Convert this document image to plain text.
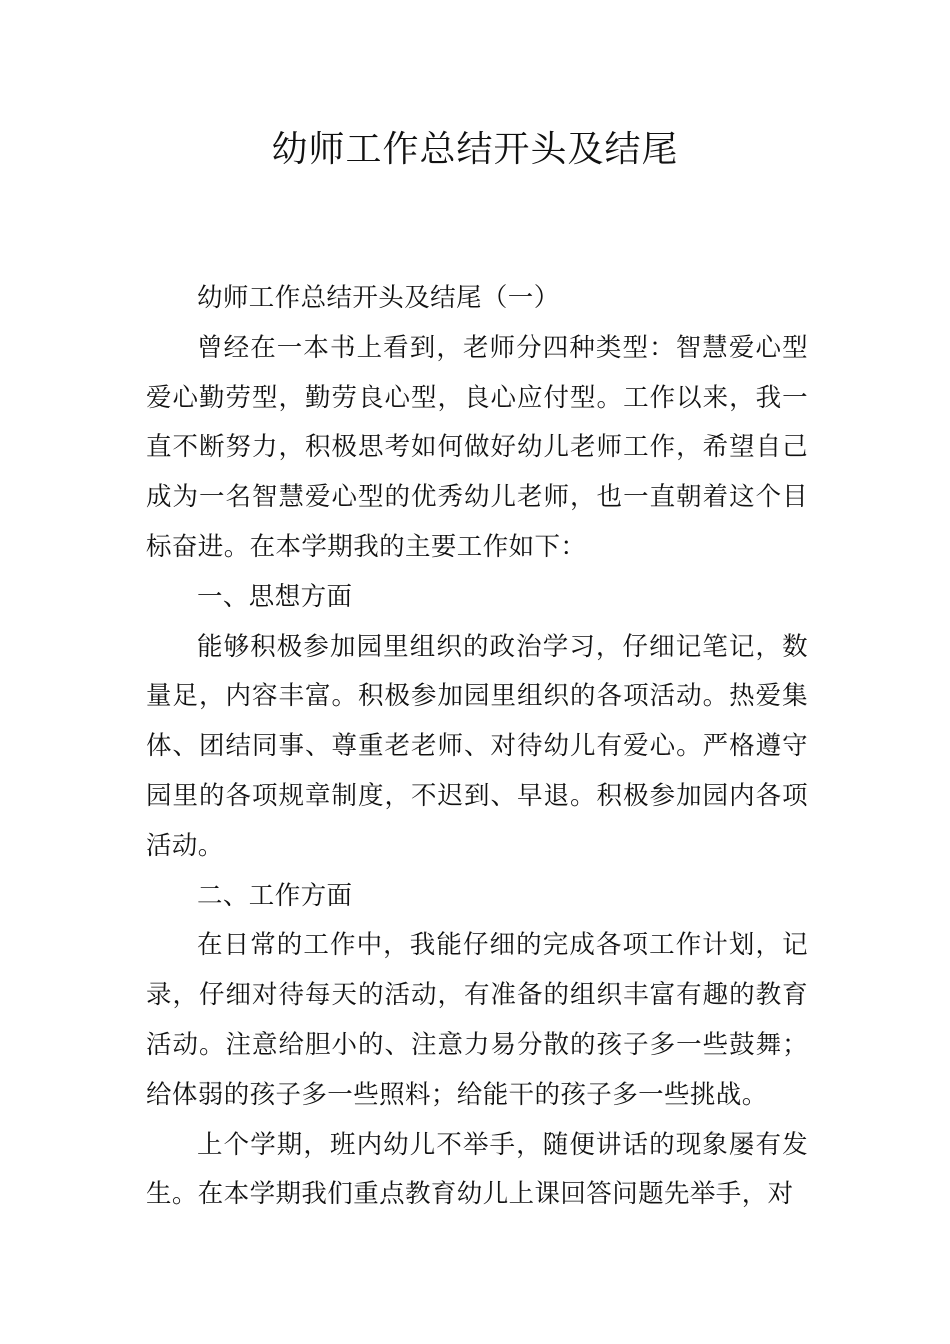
幼师工作总结开头及结尾

幼师工作总结开头及结尾（一）

曾经在一本书上看到，老师分四种类型：智慧爱心型爱心勤劳型，勤劳良心型，良心应付型。工作以来，我一直不断努力，积极思考如何做好幼儿老师工作，希望自己成为一名智慧爱心型的优秀幼儿老师，也一直朝着这个目标奋进。在本学期我的主要工作如下：

一、思想方面

能够积极参加园里组织的政治学习，仔细记笔记，数量足，内容丰富。积极参加园里组织的各项活动。热爱集体、团结同事、尊重老老师、对待幼儿有爱心。严格遵守园里的各项规章制度，不迟到、早退。积极参加园内各项活动。

二、工作方面

在日常的工作中，我能仔细的完成各项工作计划，记录，仔细对待每天的活动，有准备的组织丰富有趣的教育活动。注意给胆小的、注意力易分散的孩子多一些鼓舞；给体弱的孩子多一些照料；给能干的孩子多一些挑战。

上个学期，班内幼儿不举手，随便讲话的现象屡有发生。在本学期我们重点教育幼儿上课回答问题先举手，对
